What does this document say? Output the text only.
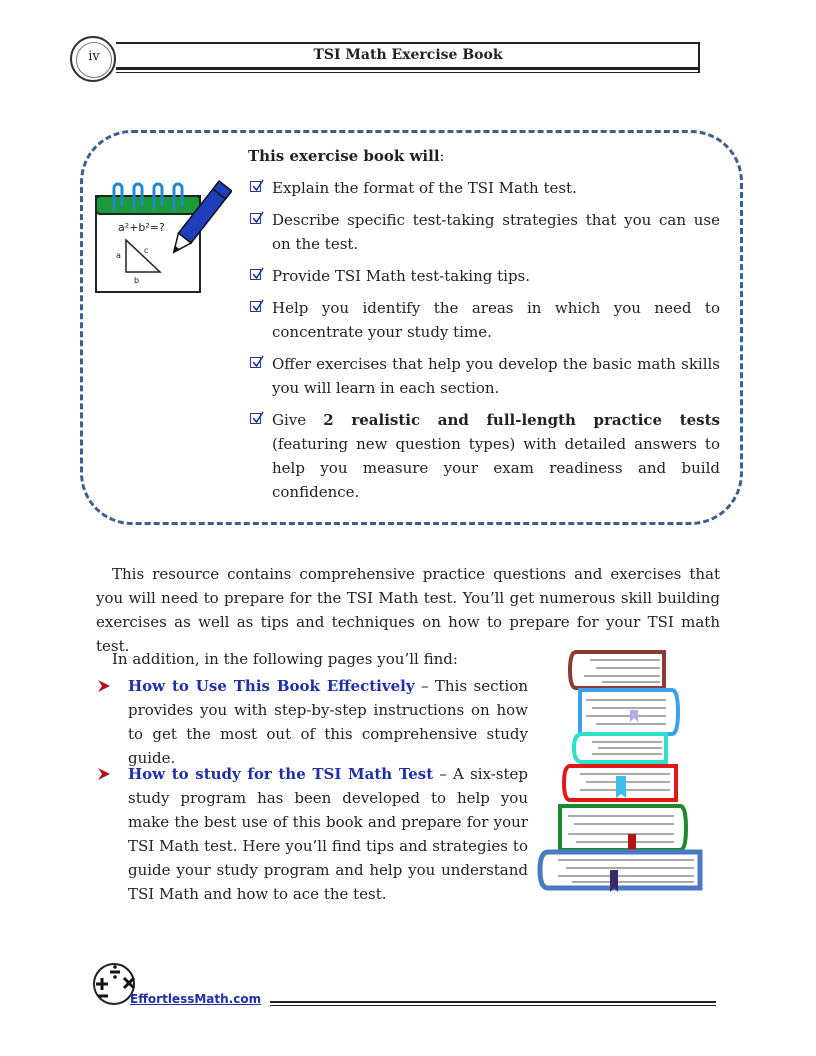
iv	TSI Math Exercise Book
a²+b²=?
a
c
b
This exercise book will:
Explain the format of the TSI Math test.
Describe specific test-taking strategies that you can use on the test.
Provide TSI Math test-taking tips.
Help you identify the areas in which you need to concentrate your study time.
Offer exercises that help you develop the basic math skills you will learn in each section.
Give 2 realistic and full-length practice tests (featuring new question types) with detailed answers to help you measure your exam readiness and build confidence.
This resource contains comprehensive practice questions and exercises that you will need to prepare for the TSI Math test. You’ll get numerous skill building exercises as well as tips and techniques on how to prepare for your TSI math test.
In addition, in the following pages you’ll find:
How to Use This Book Effectively – This section provides you with step-by-step instructions on how to get the most out of this comprehensive study guide.
How to study for the TSI Math Test – A six-step study program has been developed to help you make the best use of this book and prepare for your TSI Math test. Here you’ll find tips and strategies to guide your study program and help you understand TSI Math and how to ace the test.
EffortlessMath.com
